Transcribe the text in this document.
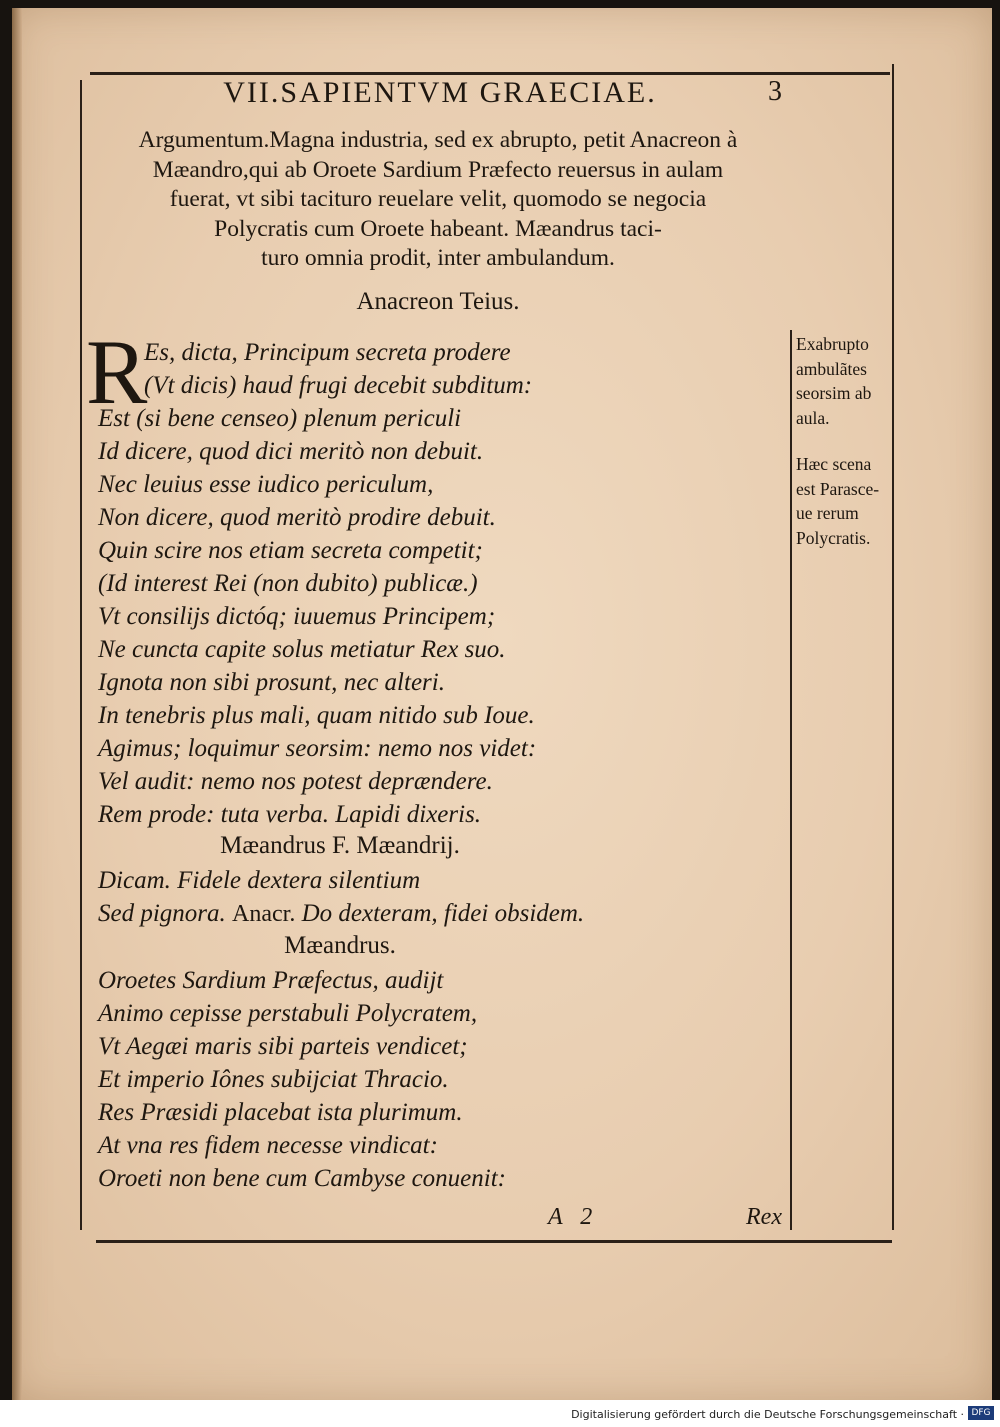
VII.SAPIENTVM GRAECIAE.	3
Argumentum.Magna industria, sed ex abrupto, petit Anacreon à
Mæandro,qui ab Oroete Sardium Præfecto reuersus in aulam
fuerat, vt sibi tacituro reuelare velit, quomodo se negocia
Polycratis cum Oroete habeant. Mæandrus taci-
turo omnia prodit, inter ambulandum.
Anacreon Teius.
R
Es, dicta, Principum secreta prodere
(Vt dicis) haud frugi decebit subditum:
Est (si bene censeo) plenum periculi
Id dicere, quod dici meritò non debuit.
Nec leuius esse iudico periculum,
Non dicere, quod meritò prodire debuit.
Quin scire nos etiam secreta competit;
(Id interest Rei (non dubito) publicæ.)
Vt consilijs dictóq; iuuemus Principem;
Ne cuncta capite solus metiatur Rex suo.
Ignota non sibi prosunt, nec alteri.
In tenebris plus mali, quam nitido sub Ioue.
Agimus; loquimur seorsim: nemo nos videt:
Vel audit: nemo nos potest deprændere.
Rem prode: tuta verba. Lapidi dixeris.
Mæandrus F. Mæandrij.
Dicam. Fidele dextera silentium
Sed pignora. Anacr. Do dexteram, fidei obsidem.
Mæandrus.
Oroetes Sardium Præfectus, audijt
Animo cepisse perstabuli Polycratem,
Vt Aegæi maris sibi parteis vendicet;
Et imperio Iônes subijciat Thracio.
Res Præsidi placebat ista plurimum.
At vna res fidem necesse vindicat:
Oroeti non bene cum Cambyse conuenit:
Exabrupto
ambulãtes
seorsim ab
aula.
Hæc scena
est Parasce-
ue rerum
Polycratis.
A   2	Rex
Digitalisierung gefördert durch die Deutsche Forschungsgemeinschaft · DFG
